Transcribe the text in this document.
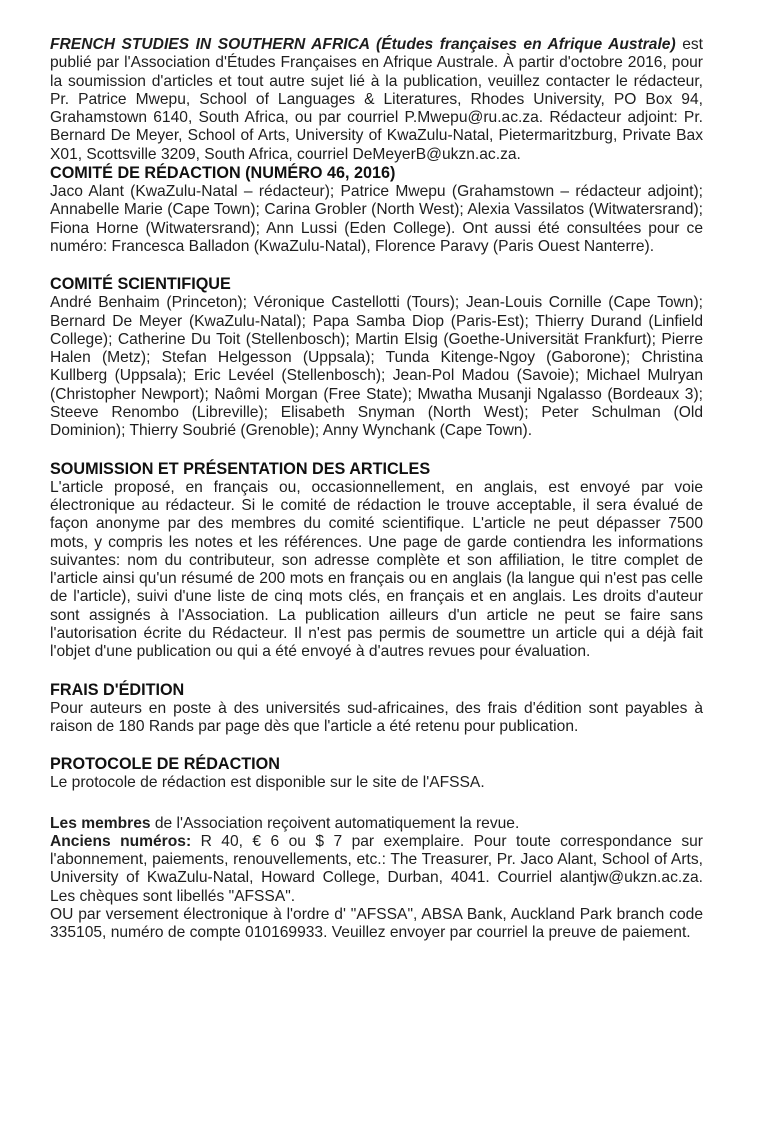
FRENCH STUDIES IN SOUTHERN AFRICA (Études françaises en Afrique Australe) est publié par l'Association d'Études Françaises en Afrique Australe. À partir d'octobre 2016, pour la soumission d'articles et tout autre sujet lié à la publication, veuillez contacter le rédacteur, Pr. Patrice Mwepu, School of Languages & Literatures, Rhodes University, PO Box 94, Grahamstown 6140, South Africa, ou par courriel P.Mwepu@ru.ac.za. Rédacteur adjoint: Pr. Bernard De Meyer, School of Arts, University of KwaZulu-Natal, Pietermaritzburg, Private Bax X01, Scottsville 3209, South Africa, courriel DeMeyerB@ukzn.ac.za.

COMITÉ DE RÉDACTION (NUMÉRO 46, 2016)

Jaco Alant (KwaZulu-Natal – rédacteur); Patrice Mwepu (Grahamstown – rédacteur adjoint); Annabelle Marie (Cape Town); Carina Grobler (North West); Alexia Vassilatos (Witwatersrand); Fiona Horne (Witwatersrand); Ann Lussi (Eden College). Ont aussi été consultées pour ce numéro: Francesca Balladon (KwaZulu-Natal), Florence Paravy (Paris Ouest Nanterre).

COMITÉ SCIENTIFIQUE

André Benhaim (Princeton); Véronique Castellotti (Tours); Jean-Louis Cornille (Cape Town); Bernard De Meyer (KwaZulu-Natal); Papa Samba Diop (Paris-Est); Thierry Durand (Linfield College); Catherine Du Toit (Stellenbosch); Martin Elsig (Goethe-Universität Frankfurt); Pierre Halen (Metz); Stefan Helgesson (Uppsala); Tunda Kitenge-Ngoy (Gaborone); Christina Kullberg (Uppsala); Eric Levéel (Stellenbosch); Jean-Pol Madou (Savoie); Michael Mulryan (Christopher Newport); Naômi Morgan (Free State); Mwatha Musanji Ngalasso (Bordeaux 3); Steeve Renombo (Libreville); Elisabeth Snyman (North West); Peter Schulman (Old Dominion); Thierry Soubrié (Grenoble); Anny Wynchank (Cape Town).

SOUMISSION ET PRÉSENTATION DES ARTICLES

L'article proposé, en français ou, occasionnellement, en anglais, est envoyé par voie électronique au rédacteur. Si le comité de rédaction le trouve acceptable, il sera évalué de façon anonyme par des membres du comité scientifique. L'article ne peut dépasser 7500 mots, y compris les notes et les références. Une page de garde contiendra les informations suivantes: nom du contributeur, son adresse complète et son affiliation, le titre complet de l'article ainsi qu'un résumé de 200 mots en français ou en anglais (la langue qui n'est pas celle de l'article), suivi d'une liste de cinq mots clés, en français et en anglais. Les droits d'auteur sont assignés à l'Association. La publication ailleurs d'un article ne peut se faire sans l'autorisation écrite du Rédacteur. Il n'est pas permis de soumettre un article qui a déjà fait l'objet d'une publication ou qui a été envoyé à d'autres revues pour évaluation.

FRAIS D'ÉDITION

Pour auteurs en poste à des universités sud-africaines, des frais d'édition sont payables à raison de 180 Rands par page dès que l'article a été retenu pour publication.

PROTOCOLE DE RÉDACTION

Le protocole de rédaction est disponible sur le site de l'AFSSA.

Les membres de l'Association reçoivent automatiquement la revue.

Anciens numéros: R 40, € 6 ou $ 7 par exemplaire. Pour toute correspondance sur l'abonnement, paiements, renouvellements, etc.: The Treasurer, Pr. Jaco Alant, School of Arts, University of KwaZulu-Natal, Howard College, Durban, 4041. Courriel alantjw@ukzn.ac.za. Les chèques sont libellés "AFSSA".

OU par versement électronique à l'ordre d' "AFSSA", ABSA Bank, Auckland Park branch code 335105, numéro de compte 010169933. Veuillez envoyer par courriel la preuve de paiement.
